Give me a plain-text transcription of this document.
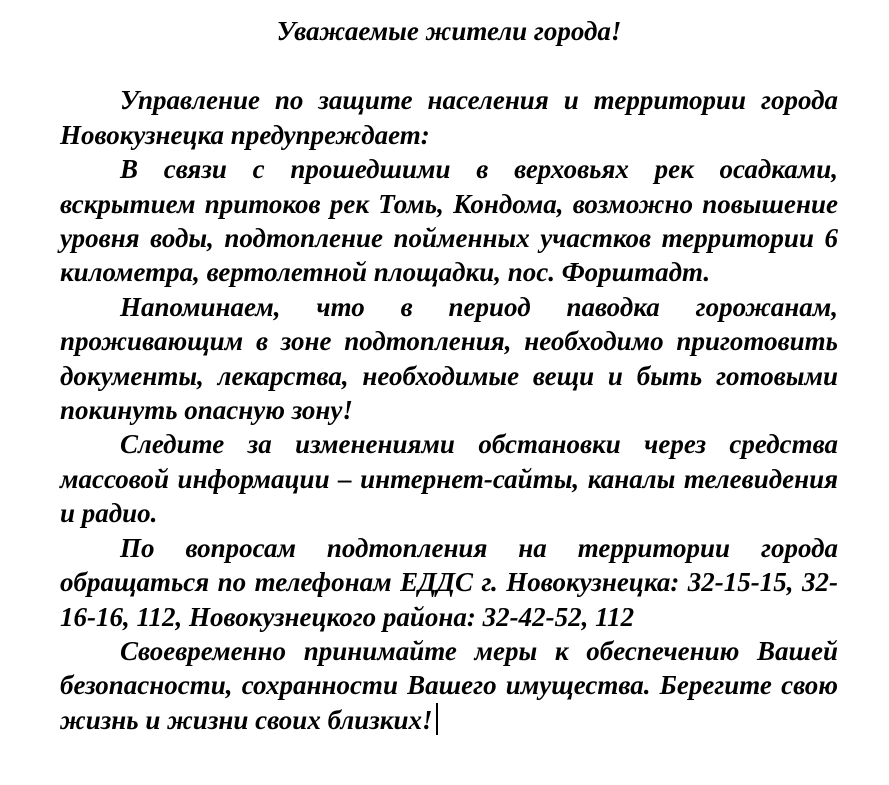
Уважаемые жители города!

Управление по защите населения и территории города Новокузнецка предупреждает:

В связи с прошедшими в верховьях рек осадками, вскрытием притоков рек Томь, Кондома, возможно повышение уровня воды, подтопление пойменных участков территории 6 километра, вертолетной площадки, пос. Форштадт.

Напоминаем, что в период паводка горожанам, проживающим в зоне подтопления, необходимо приготовить документы, лекарства, необходимые вещи и быть готовыми покинуть опасную зону!

Следите за изменениями обстановки через средства массовой информации – интернет-сайты, каналы телевидения и радио.

По вопросам подтопления на территории города обращаться по телефонам ЕДДС г. Новокузнецка: 32-15-15, 32-16-16, 112, Новокузнецкого района: 32-42-52, 112

Своевременно принимайте меры к обеспечению Вашей безопасности, сохранности Вашего имущества. Берегите свою жизнь и жизни своих близких!
